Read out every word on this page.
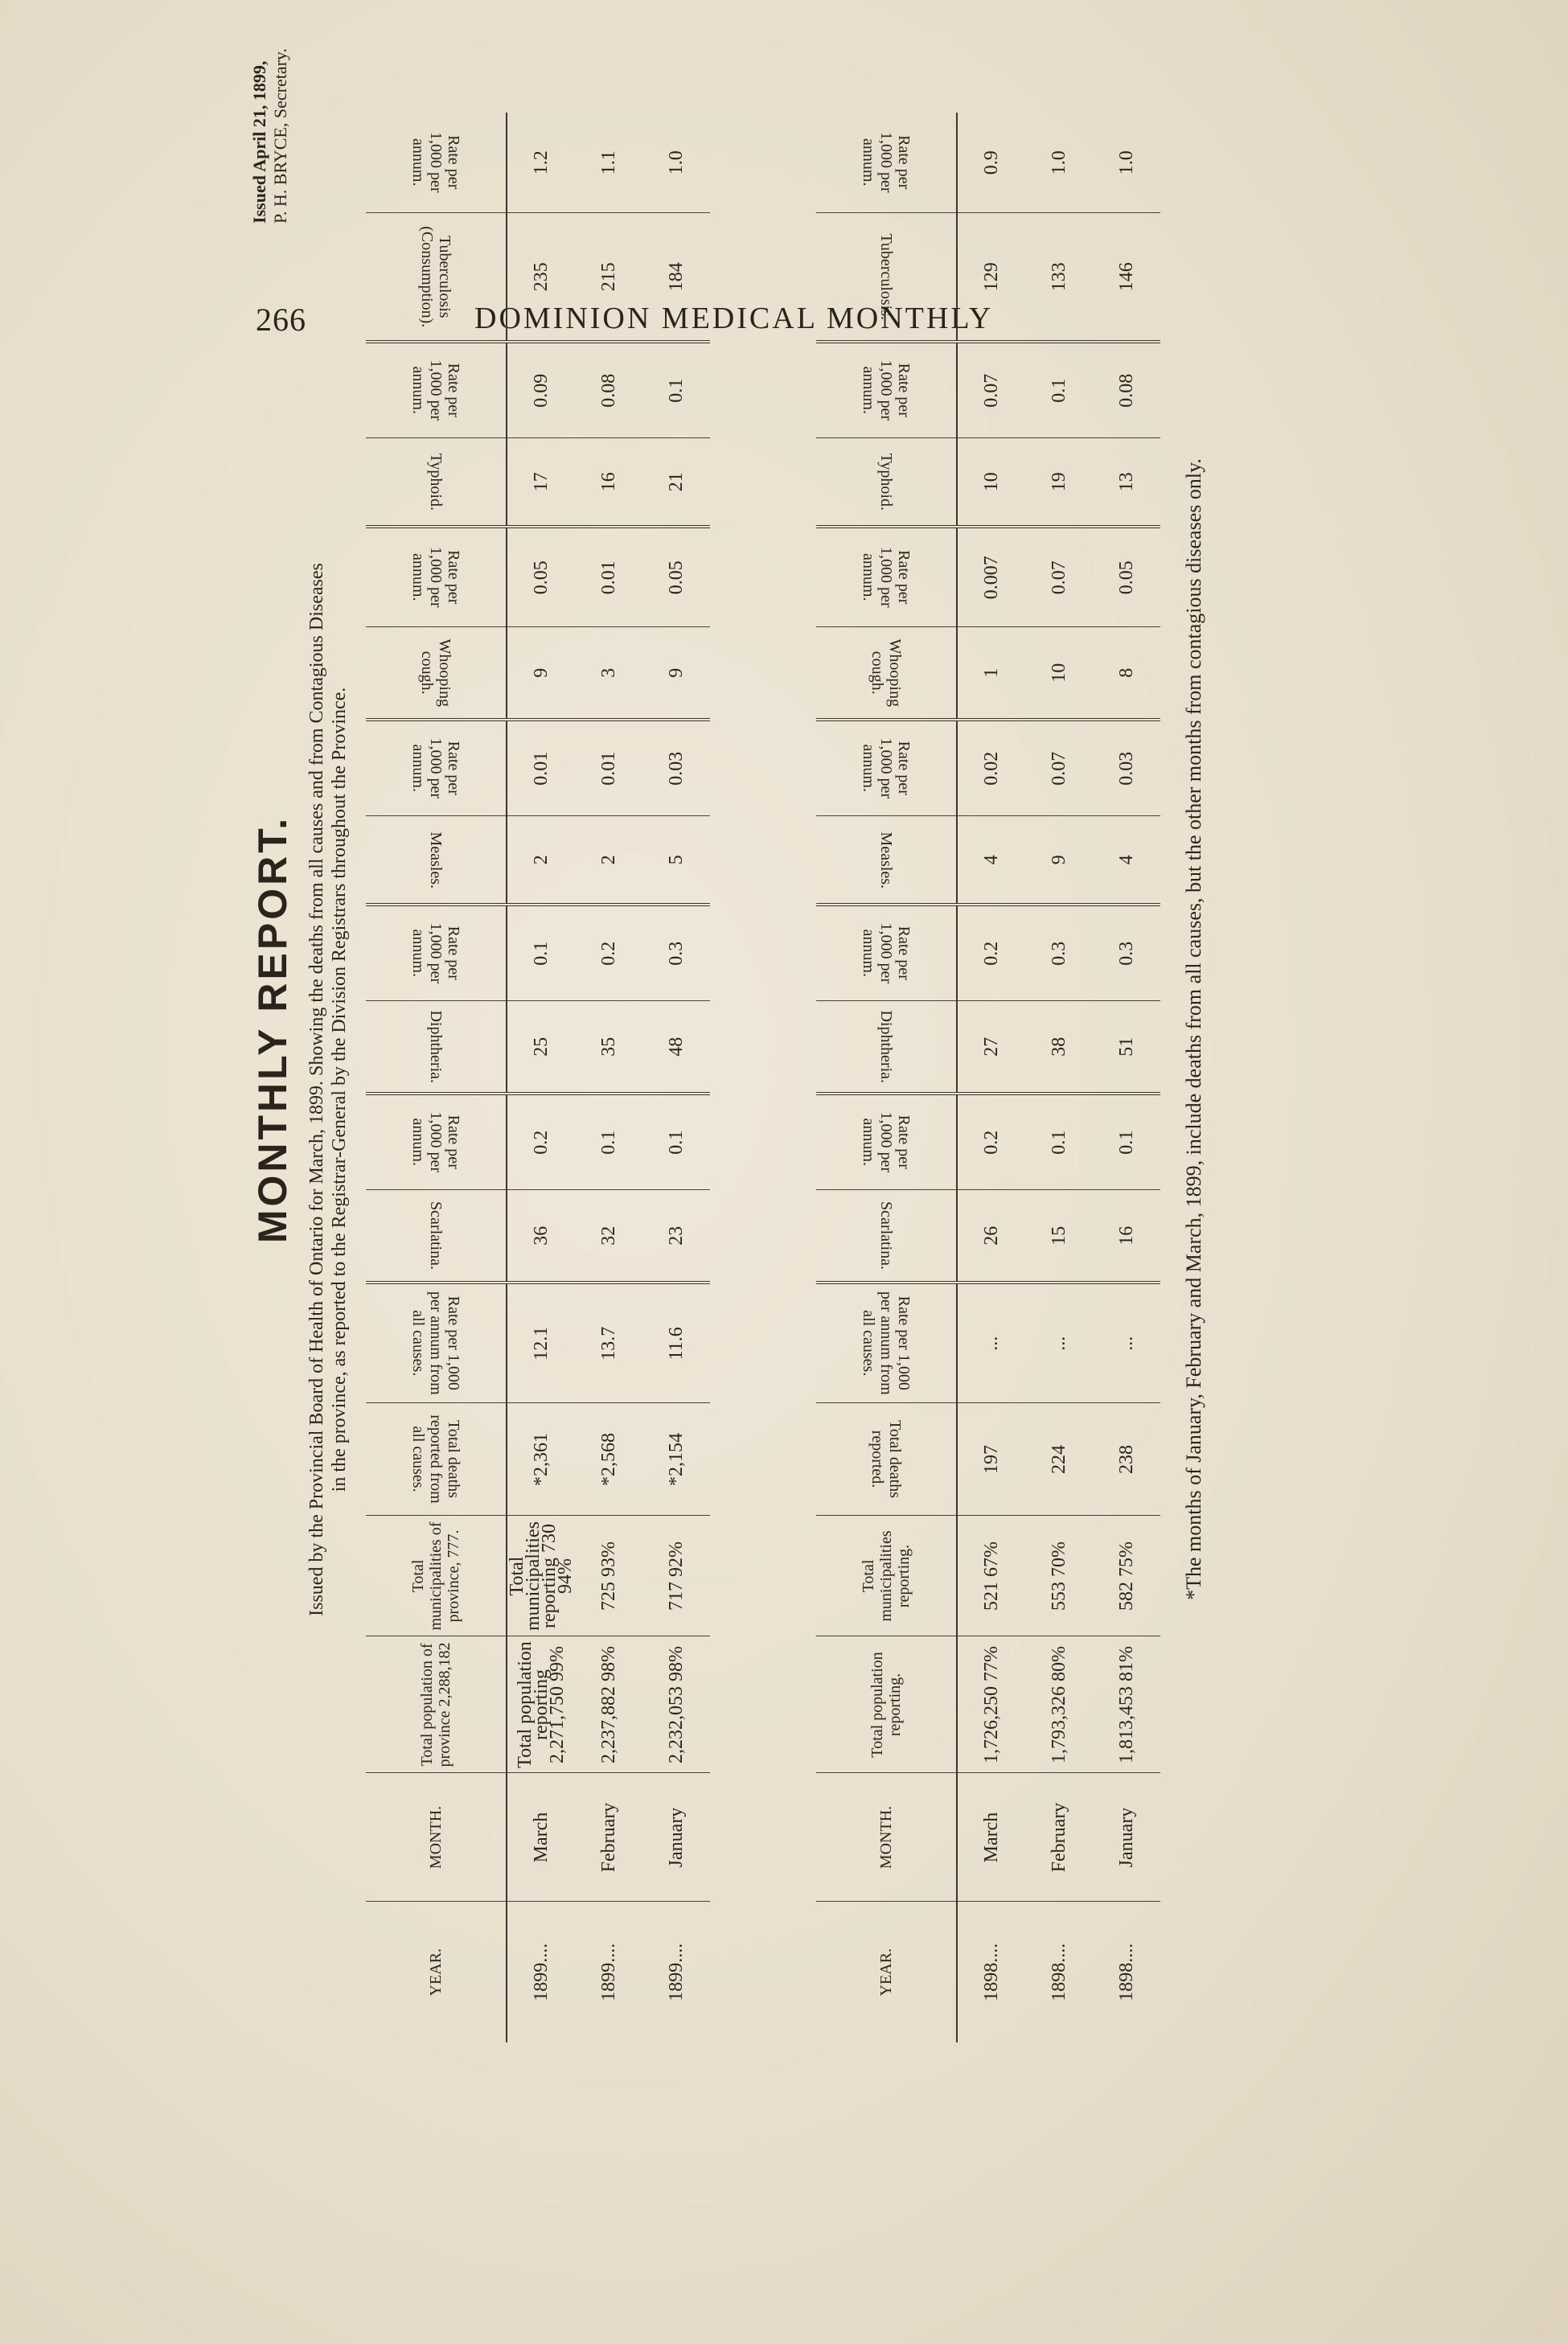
266	DOMINION MEDICAL MONTHLY
MONTHLY REPORT.
Issued April 21, 1899, P. H. BRYCE, Secretary.
Issued by the Provincial Board of Health of Ontario for March, 1899. Showing the deaths from all causes and from Contagious Diseases in the province, as reported to the Registrar-General by the Division Registrars throughout the Province.
YEAR.	MONTH.	Total population of province 2,288,182	Total municipalities of province, 777.	Total deaths reported from all causes.	Rate per 1,000 per annum from all causes.	Scarlatina.	Rate per 1,000 per annum.	Diphtheria.	Rate per 1,000 per annum.	Measles.	Rate per 1,000 per annum.	Whooping cough.	Rate per 1,000 per annum.	Typhoid.	Rate per 1,000 per annum.	Tuberculosis (Consumption).	Rate per 1,000 per annum.
1899....	March	Total population reporting 2,271,750 99%	Total municipalities reporting 730 94%	*2,361	12.1	36	0.2	25	0.1	2	0.01	9	0.05	17	0.09	235	1.2
1899....	February	2,237,882 98%	725 93%	*2,568	13.7	32	0.1	35	0.2	2	0.01	3	0.01	16	0.08	215	1.1
1899....	January	2,232,053 98%	717 92%	*2,154	11.6	23	0.1	48	0.3	5	0.03	9	0.05	21	0.1	184	1.0
YEAR.	MONTH.	Total population reporting.	Total municipalities reporting.	Total deaths reported.	Rate per 1,000 per annum from all causes.	Scarlatina.	Rate per 1,000 per annum.	Diphtheria.	Rate per 1,000 per annum.	Measles.	Rate per 1,000 per annum.	Whooping cough.	Rate per 1,000 per annum.	Typhoid.	Rate per 1,000 per annum.	Tuberculosis.	Rate per 1,000 per annum.
1898....	March	1,726,250 77%	521 67%	197	...	26	0.2	27	0.2	4	0.02	1	0.007	10	0.07	129	0.9
1898....	February	1,793,326 80%	553 70%	224	...	15	0.1	38	0.3	9	0.07	10	0.07	19	0.1	133	1.0
1898....	January	1,813,453 81%	582 75%	238	...	16	0.1	51	0.3	4	0.03	8	0.05	13	0.08	146	1.0
*The months of January, February and March, 1899, include deaths from all causes, but the other months from contagious diseases only.
